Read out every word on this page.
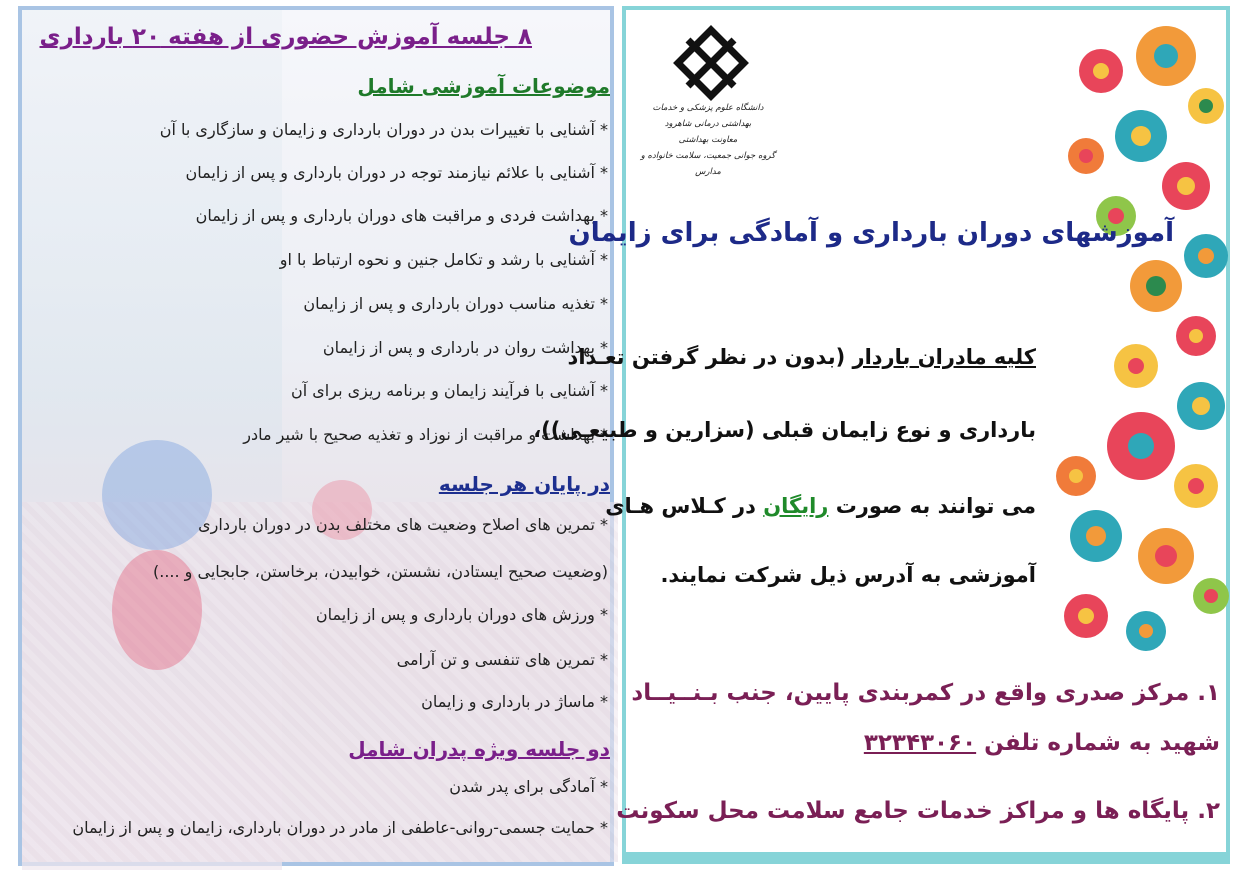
۸ جلسه آموزش حضوری از هفته ۲۰ بارداری
موضوعات آموزشی شامل
* آشنایی با تغییرات بدن در دوران بارداری و زایمان و سازگاری با آن
* آشنایی با علائم نیازمند توجه در دوران بارداری و پس از زایمان
* بهداشت فردی و مراقبت های دوران بارداری و پس از زایمان
* آشنایی با رشد و تکامل جنین و نحوه ارتباط با او
* تغذیه مناسب دوران بارداری و پس از زایمان
* بهداشت روان در بارداری و پس از زایمان
* آشنایی با فرآیند زایمان و برنامه ریزی برای آن
* بهداشت و مراقبت از نوزاد و تغذیه صحیح با شیر مادر
در پایان هر جلسه
* تمرین های اصلاح وضعیت های مختلف بدن در دوران بارداری
(وضعیت صحیح ایستادن، نشستن، خوابیدن، برخاستن، جابجایی و ....)
* ورزش های دوران بارداری و پس از زایمان
* تمرین های تنفسی و تن آرامی
* ماساژ در بارداری و زایمان
دو جلسه ویژه پدران شامل
* آمادگی برای پدر شدن
* حمایت جسمی-روانی-عاطفی از مادر در دوران بارداری، زایمان و پس از زایمان
دانشگاه علوم پزشکی و خدمات بهداشتی درمانی شاهرود
معاونت بهداشتی
گروه جوانی جمعیت، سلامت خانواده و مدارس
آموزشهای دوران بارداری و آمادگی برای زایمان
کلیه مادران باردار (بدون در نظر گرفتن تعـداد
بارداری و نوع زایمان قبلی (سزارین و طبیعـی))،
می توانند به صورت رایگان در کـلاس هـای
آموزشی به آدرس ذیل شرکت نمایند.
۱. مرکز صدری واقع در کمربندی پایین، جنب بـنــیــاد
شهید به شماره تلفن ۳۲۳۴۳۰۶۰
۲. پایگاه ها و مراکز خدمات جامع سلامت محل سکونت
